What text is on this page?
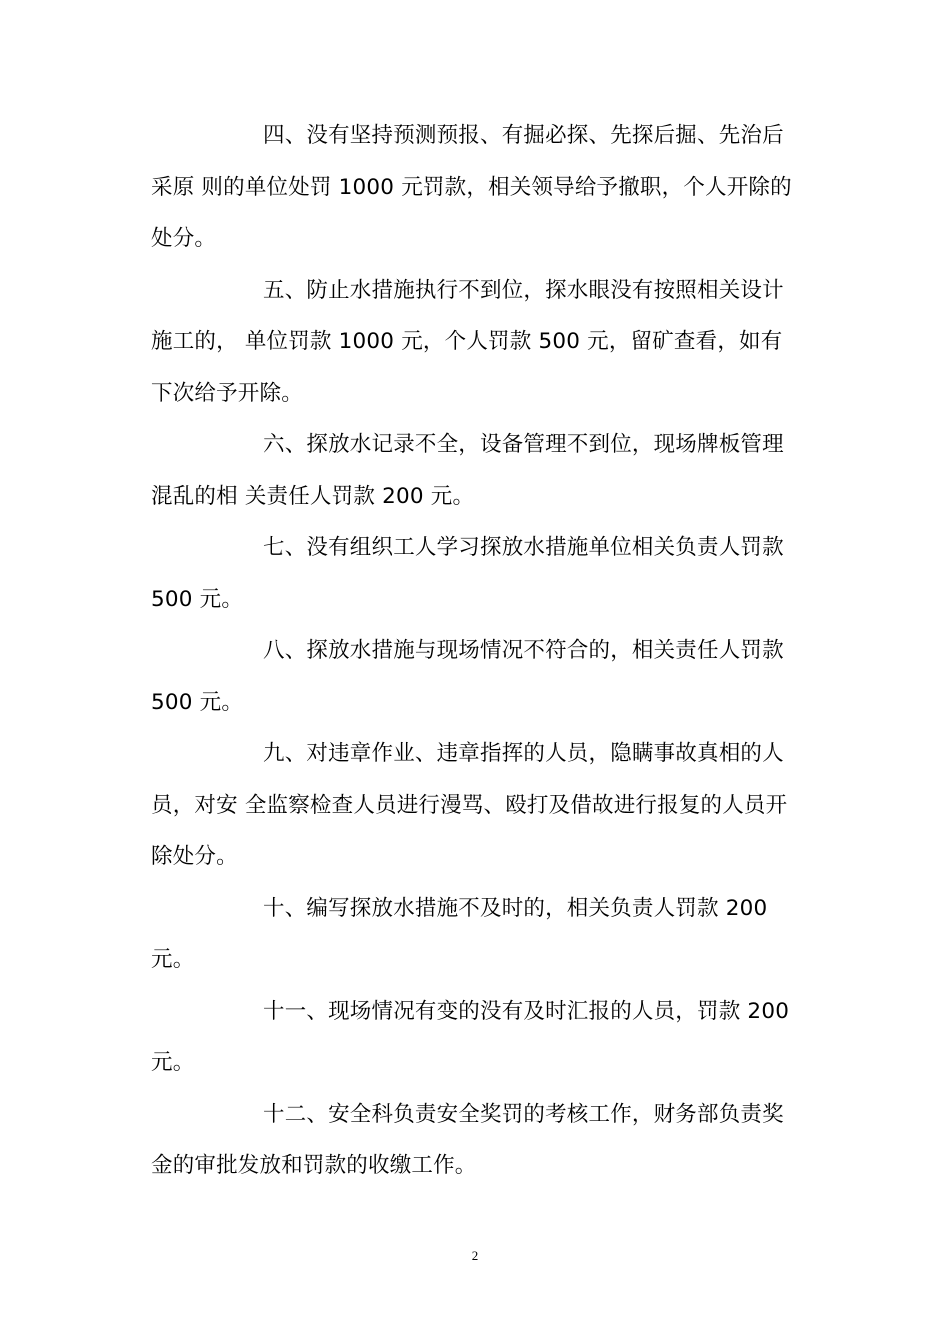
四、没有坚持预测预报、有掘必探、先探后掘、先治后采原 则的单位处罚 1000 元罚款，相关领导给予撤职，个人开除的处分。

五、防止水措施执行不到位，探水眼没有按照相关设计施工的， 单位罚款 1000 元，个人罚款 500 元，留矿查看，如有下次给予开除。

六、探放水记录不全，设备管理不到位，现场牌板管理混乱的相 关责任人罚款 200 元。

七、没有组织工人学习探放水措施单位相关负责人罚款 500 元。

八、探放水措施与现场情况不符合的，相关责任人罚款 500 元。

九、对违章作业、违章指挥的人员，隐瞒事故真相的人员，对安 全监察检查人员进行漫骂、殴打及借故进行报复的人员开除处分。

十、编写探放水措施不及时的，相关负责人罚款 200 元。

十一、现场情况有变的没有及时汇报的人员，罚款 200 元。

十二、安全科负责安全奖罚的考核工作，财务部负责奖金的审批发放和罚款的收缴工作。

2
